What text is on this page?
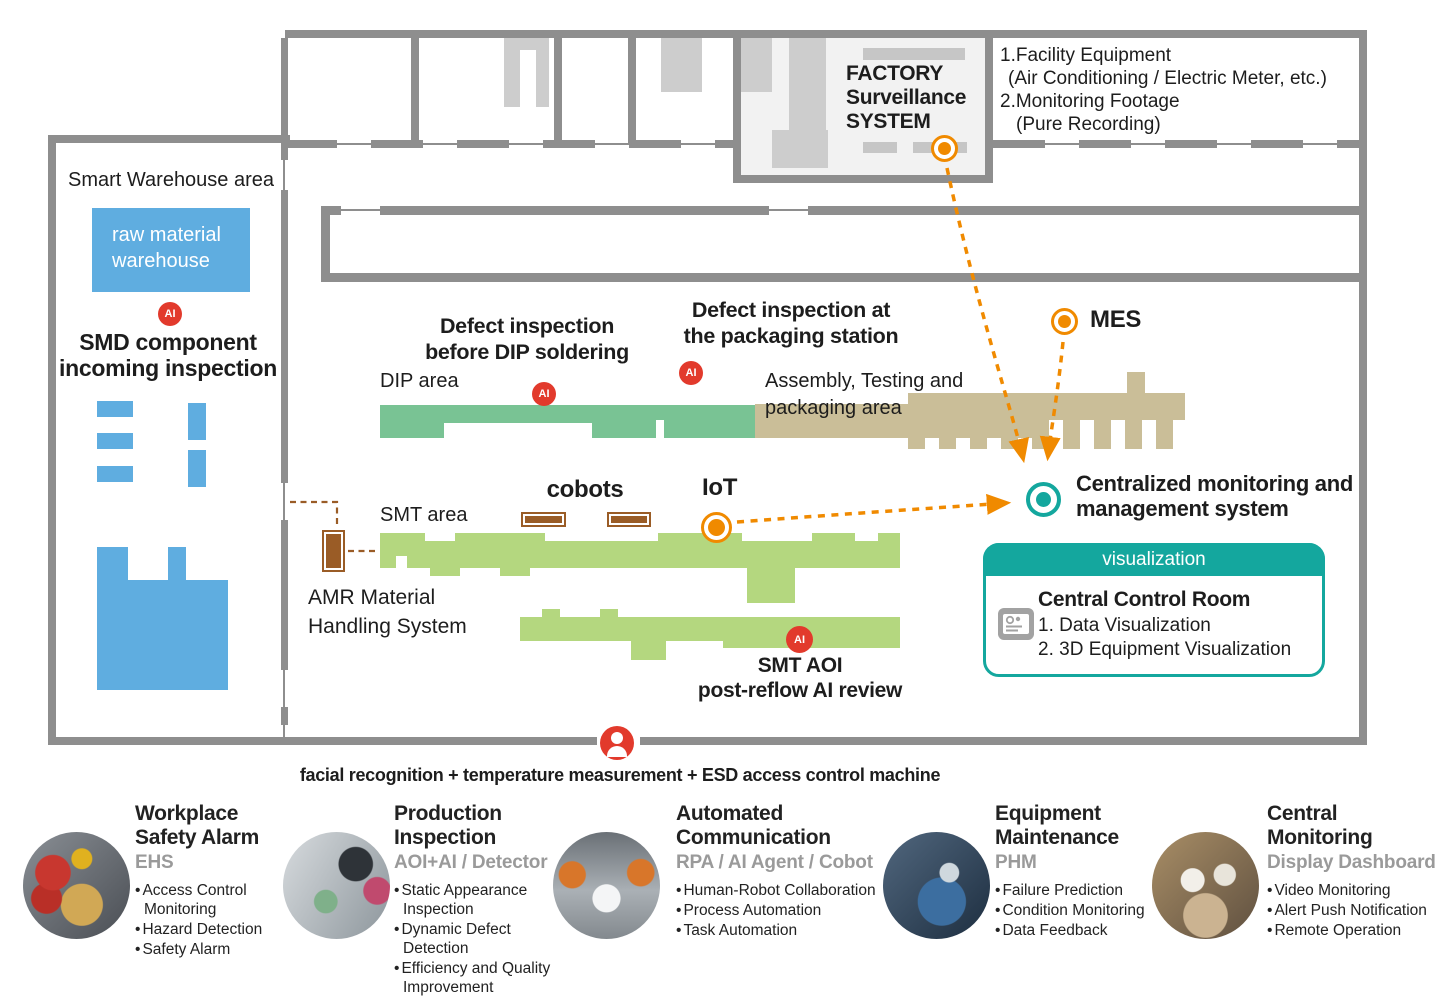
raw material
warehouse
AI
AI
AI
AI
Smart Warehouse area
SMD component
incoming inspection	DIP area
SMT area
Assembly, Testing and
packaging area
Defect inspection
before DIP soldering
Defect inspection at
the packaging station
cobots	IoT
MES
AMR Material
Handling System
SMT AOI
post-reflow AI review
Centralized monitoring and
management system
FACTORY
Surveillance
SYSTEM
1.Facility Equipment
(Air Conditioning / Electric Meter, etc.)
2.Monitoring Footage
(Pure Recording)
facial recognition + temperature measurement + ESD access control machine
visualization
Central Control Room
1. Data Visualization
2. 3D Equipment Visualization
Workplace Safety Alarm
EHS
• Access Control Monitoring
• Hazard Detection
• Safety Alarm
Production Inspection
AOI+AI / Detector
• Static Appearance Inspection
• Dynamic Defect Detection
• Efficiency and Quality Improvement
Automated Communication
RPA / AI Agent / Cobot
• Human-Robot Collaboration
• Process Automation
• Task Automation
Equipment Maintenance
PHM
• Failure Prediction
• Condition Monitoring
• Data Feedback
Central Monitoring
Display Dashboard
• Video Monitoring
• Alert Push Notification
• Remote Operation
